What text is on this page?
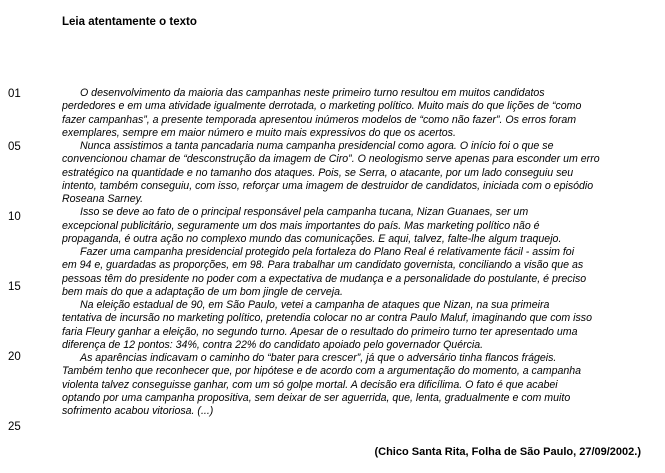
Leia atentamente o texto
01
05
10
15
20
25
O desenvolvimento da maioria das campanhas neste primeiro turno resultou em muitos candidatos
perdedores e em uma atividade igualmente derrotada, o marketing político. Muito mais do que lições de “como
fazer campanhas”, a presente temporada apresentou inúmeros modelos de “como não fazer”. Os erros foram
exemplares, sempre em maior número e muito mais expressivos do que os acertos.
Nunca assistimos a tanta pancadaria numa campanha presidencial como agora. O início foi o que se
convencionou chamar de “desconstrução da imagem de Ciro”. O neologismo serve apenas para esconder um erro
estratégico na quantidade e no tamanho dos ataques. Pois, se Serra, o atacante, por um lado conseguiu seu
intento, também conseguiu, com isso, reforçar uma imagem de destruidor de candidatos, iniciada com o episódio
Roseana Sarney.
Isso se deve ao fato de o principal responsável pela campanha tucana, Nizan Guanaes, ser um
excepcional publicitário, seguramente um dos mais importantes do país. Mas marketing político não é
propaganda, é outra ação no complexo mundo das comunicações. E aqui, talvez, falte-lhe algum traquejo.
Fazer uma campanha presidencial protegido pela fortaleza do Plano Real é relativamente fácil - assim foi
em 94 e, guardadas as proporções, em 98. Para trabalhar um candidato governista, conciliando a visão que as
pessoas têm do presidente no poder com a expectativa de mudança e a personalidade do postulante, é preciso
bem mais do que a adaptação de um bom jingle de cerveja.
Na eleição estadual de 90, em São Paulo, vetei a campanha de ataques que Nizan, na sua primeira
tentativa de incursão no marketing político, pretendia colocar no ar contra Paulo Maluf, imaginando que com isso
faria Fleury ganhar a eleição, no segundo turno. Apesar de o resultado do primeiro turno ter apresentado uma
diferença de 12 pontos: 34%, contra 22% do candidato apoiado pelo governador Quércia.
As aparências indicavam o caminho do “bater para crescer”, já que o adversário tinha flancos frágeis.
Também tenho que reconhecer que, por hipótese e de acordo com a argumentação do momento, a campanha
violenta talvez conseguisse ganhar, com um só golpe mortal. A decisão era dificílima. O fato é que acabei
optando por uma campanha propositiva, sem deixar de ser aguerrida, que, lenta, gradualmente e com muito
sofrimento acabou vitoriosa. (...)
(Chico Santa Rita, Folha de São Paulo, 27/09/2002.)
